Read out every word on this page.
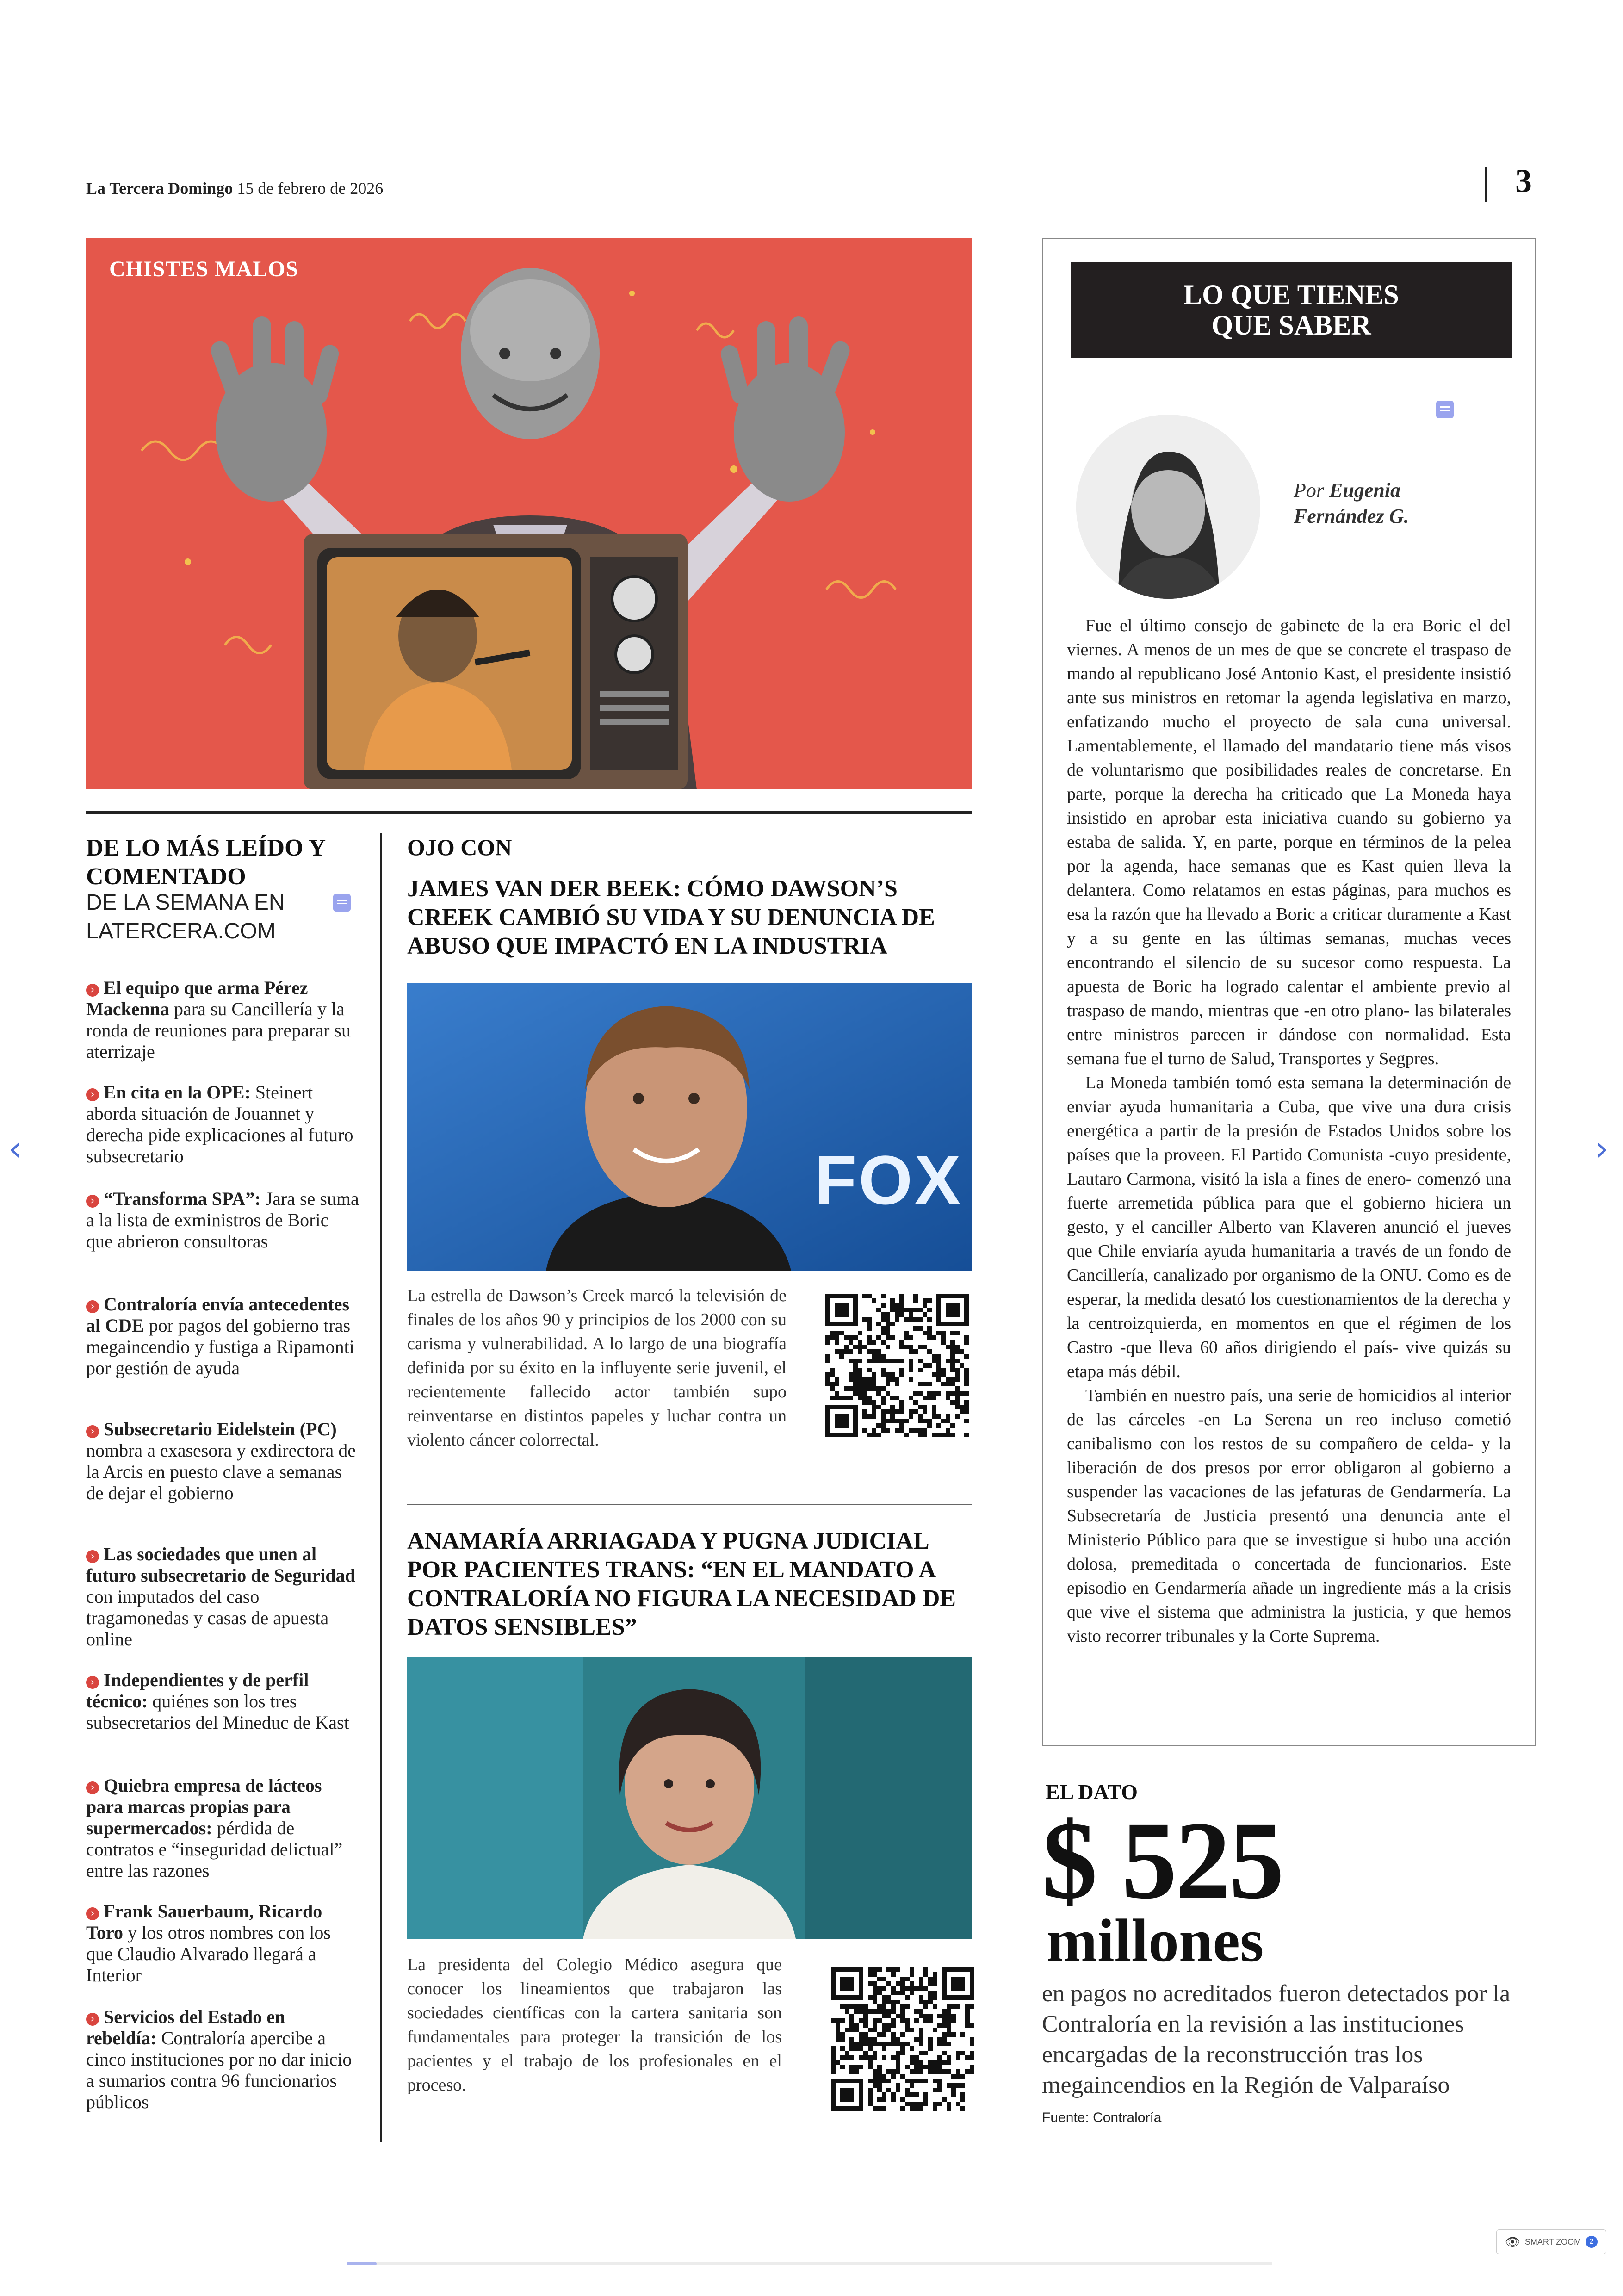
La Tercera Domingo 15 de febrero de 2026	3
CHISTES MALOS
DE LO MÁS LEÍDO Y COMENTADO
DE LA SEMANA EN LATERCERA.COM
› El equipo que arma Pérez Mackenna para su Cancillería y la ronda de reuniones para preparar su aterrizaje
› En cita en la OPE: Steinert aborda situación de Jouannet y derecha pide explicaciones al futuro subsecretario
› “Transforma SPA”: Jara se suma a la lista de exministros de Boric que abrieron consultoras
› Contraloría envía antecedentes al CDE por pagos del gobierno tras megaincendio y fustiga a Ripamonti por gestión de ayuda
› Subsecretario Eidelstein (PC) nombra a exasesora y exdirectora de la Arcis en puesto clave a semanas de dejar el gobierno
› Las sociedades que unen al futuro subsecretario de Seguridad con imputados del caso tragamonedas y casas de apuesta online
› Independientes y de perfil técnico: quiénes son los tres subsecretarios del Mineduc de Kast
› Quiebra empresa de lácteos para marcas propias para supermercados: pérdida de contratos e “inseguridad delictual” entre las razones
› Frank Sauerbaum, Ricardo Toro y los otros nombres con los que Claudio Alvarado llegará a Interior
› Servicios del Estado en rebeldía: Contraloría apercibe a cinco instituciones por no dar inicio a sumarios contra 96 funcionarios públicos
OJO CON
JAMES VAN DER BEEK: CÓMO DAWSON’S CREEK CAMBIÓ SU VIDA Y SU DENUNCIA DE ABUSO QUE IMPACTÓ EN LA INDUSTRIA
FOX
La estrella de Dawson’s Creek marcó la televisión de finales de los años 90 y principios de los 2000 con su carisma y vulnerabilidad. A lo largo de una biografía definida por su éxito en la influyente serie juvenil, el recientemente fallecido actor también supo reinventarse en distintos papeles y luchar contra un violento cáncer colorrectal.
ANAMARÍA ARRIAGADA Y PUGNA JUDICIAL POR PACIENTES TRANS: “EN EL MANDATO A CONTRALORÍA NO FIGURA LA NECESIDAD DE DATOS SENSIBLES”
La presidenta del Colegio Médico asegura que conocer los lineamientos que trabajaron las sociedades científicas con la cartera sanitaria son fundamentales para proteger la transición de los pacientes y el trabajo de los profesionales en el proceso.
LO QUE TIENES
QUE SABER
Por Eugenia
Fernández G.

Fue el último consejo de gabinete de la era Boric el del viernes. A menos de un mes de que se concrete el traspaso de mando al republicano José Antonio Kast, el presidente insistió ante sus ministros en retomar la agenda legislativa en marzo, enfatizando mucho el proyecto de sala cuna universal. Lamentablemente, el llamado del mandatario tiene más visos de voluntarismo que posibilidades reales de concretarse. En parte, porque la derecha ha criticado que La Moneda haya insistido en aprobar esta iniciativa cuando su gobierno ya estaba de salida. Y, en parte, porque en términos de la pelea por la agenda, hace semanas que es Kast quien lleva la delantera. Como relatamos en estas páginas, para muchos es esa la razón que ha llevado a Boric a criticar duramente a Kast y a su gente en las últimas semanas, muchas veces encontrando el silencio de su sucesor como respuesta. La apuesta de Boric ha logrado calentar el ambiente previo al traspaso de mando, mientras que -en otro plano- las bilaterales entre ministros parecen ir dándose con normalidad. Esta semana fue el turno de Salud, Transportes y Segpres.

La Moneda también tomó esta semana la determinación de enviar ayuda humanitaria a Cuba, que vive una dura crisis energética a partir de la presión de Estados Unidos sobre los países que la proveen. El Partido Comunista -cuyo presidente, Lautaro Carmona, visitó la isla a fines de enero- comenzó una fuerte arremetida pública para que el gobierno hiciera un gesto, y el canciller Alberto van Klaveren anunció el jueves que Chile enviaría ayuda humanitaria a través de un fondo de Cancillería, canalizado por organismo de la ONU. Como es de esperar, la medida desató los cuestionamientos de la derecha y la centroizquierda, en momentos en que el régimen de los Castro -que lleva 60 años dirigiendo el país- vive quizás su etapa más débil.

También en nuestro país, una serie de homicidios al interior de las cárceles -en La Serena un reo incluso cometió canibalismo con los restos de su compañero de celda- y la liberación de dos presos por error obligaron al gobierno a suspender las vacaciones de las jefaturas de Gendarmería. La Subsecretaría de Justicia presentó una denuncia ante el Ministerio Público para que se investigue si hubo una acción dolosa, premeditada o concertada de funcionarios. Este episodio en Gendarmería añade un ingrediente más a la crisis que vive el sistema que administra la justicia, y que hemos visto recorrer tribunales y la Corte Suprema.

EL DATO
$ 525
millones
en pagos no acreditados fueron detectados por la Contraloría en la revisión a las instituciones encargadas de la reconstrucción tras los megaincendios en la Región de Valparaíso
Fuente: Contraloría
‹	›
👁 SMART ZOOM	2
